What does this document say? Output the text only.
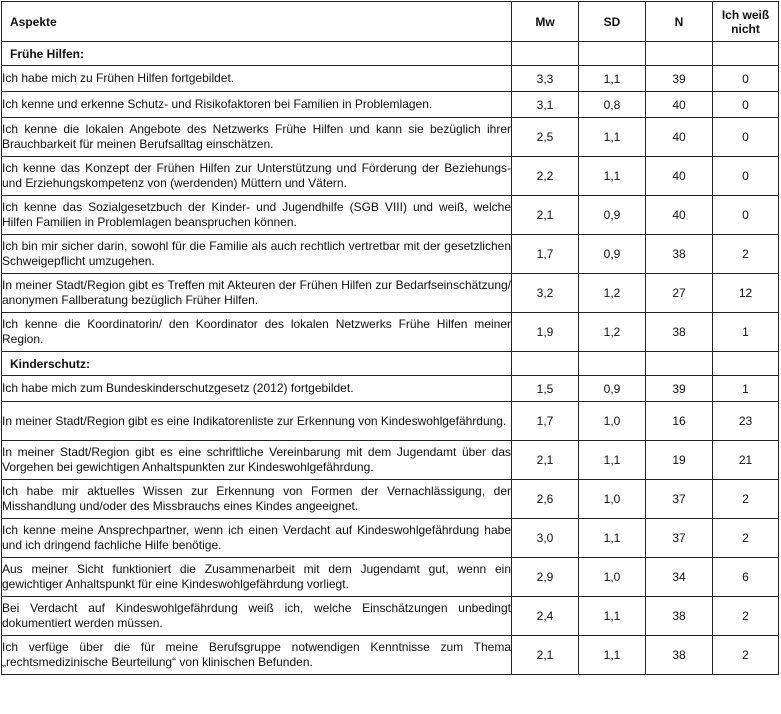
Aspekte	Mw	SD	N	Ich weiß
nicht
Frühe Hilfen:				
Ich habe mich zu Frühen Hilfen fortgebildet.	3,3	1,1	39	0
Ich kenne und erkenne Schutz- und Risikofaktoren bei Familien in Problemlagen.	3,1	0,8	40	0
Ich kenne die lokalen Angebote des Netzwerks Frühe Hilfen und kann sie bezüglich ihrer Brauchbarkeit für meinen Berufsalltag einschätzen.	2,5	1,1	40	0
Ich kenne das Konzept der Frühen Hilfen zur Unterstützung und Förderung der Beziehungs- und Erziehungskompetenz von (werdenden) Müttern und Vätern.	2,2	1,1	40	0
Ich kenne das Sozialgesetzbuch der Kinder- und Jugendhilfe (SGB VIII) und weiß, welche Hilfen Familien in Problemlagen beanspruchen können.	2,1	0,9	40	0
Ich bin mir sicher darin, sowohl für die Familie als auch rechtlich vertretbar mit der gesetzlichen Schweigepflicht umzugehen.	1,7	0,9	38	2
In meiner Stadt/Region gibt es Treffen mit Akteuren der Frühen Hilfen zur Bedarfseinschätzung/ anonymen Fallberatung bezüglich Früher Hilfen.	3,2	1,2	27	12
Ich kenne die Koordinatorin/ den Koordinator des lokalen Netzwerks Frühe Hilfen meiner Region.	1,9	1,2	38	1
Kinderschutz:				
Ich habe mich zum Bundeskinderschutzgesetz (2012) fortgebildet.	1,5	0,9	39	1
In meiner Stadt/Region gibt es eine Indikatorenliste zur Erkennung von Kindeswohlgefährdung.	1,7	1,0	16	23
In meiner Stadt/Region gibt es eine schriftliche Vereinbarung mit dem Jugendamt über das Vorgehen bei gewichtigen Anhaltspunkten zur Kindeswohlgefährdung.	2,1	1,1	19	21
Ich habe mir aktuelles Wissen zur Erkennung von Formen der Vernachlässigung, der Misshandlung und/oder des Missbrauchs eines Kindes angeeignet.	2,6	1,0	37	2
Ich kenne meine Ansprechpartner, wenn ich einen Verdacht auf Kindeswohlgefährdung habe und ich dringend fachliche Hilfe benötige.	3,0	1,1	37	2
Aus meiner Sicht funktioniert die Zusammenarbeit mit dem Jugendamt gut, wenn ein gewichtiger Anhaltspunkt für eine Kindeswohlgefährdung vorliegt.	2,9	1,0	34	6
Bei Verdacht auf Kindeswohlgefährdung weiß ich, welche Einschätzungen unbedingt dokumentiert werden müssen.	2,4	1,1	38	2
Ich verfüge über die für meine Berufsgruppe notwendigen Kenntnisse zum Thema „rechtsmedizinische Beurteilung“ von klinischen Befunden.	2,1	1,1	38	2
